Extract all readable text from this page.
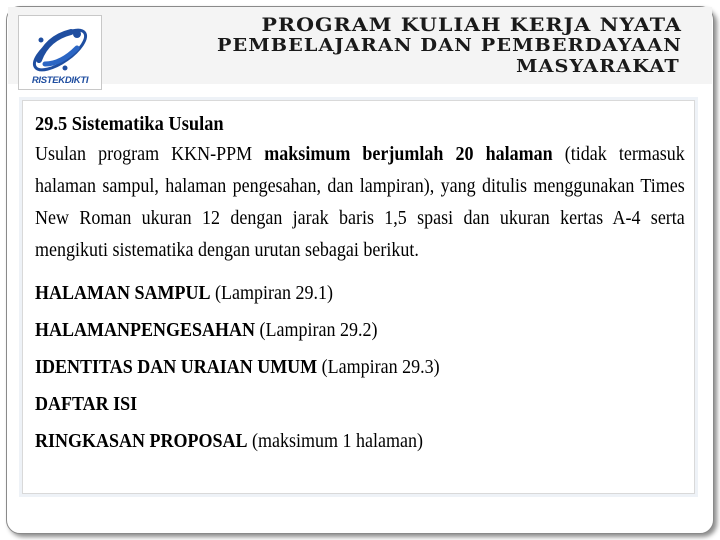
RISTEKDIKTI
PROGRAM KULIAH KERJA NYATA
PEMBELAJARAN DAN PEMBERDAYAAN
MASYARAKAT
29.5 Sistematika Usulan
Usulan program KKN-PPM maksimum berjumlah 20 halaman (tidak termasuk halaman sampul, halaman pengesahan, dan lampiran), yang ditulis menggunakan Times New Roman ukuran 12 dengan jarak baris 1,5 spasi dan ukuran kertas A-4 serta mengikuti sistematika dengan urutan sebagai berikut.
HALAMAN SAMPUL (Lampiran 29.1)
HALAMANPENGESAHAN (Lampiran 29.2)
IDENTITAS DAN URAIAN UMUM (Lampiran 29.3)
DAFTAR ISI
RINGKASAN PROPOSAL (maksimum 1 halaman)
